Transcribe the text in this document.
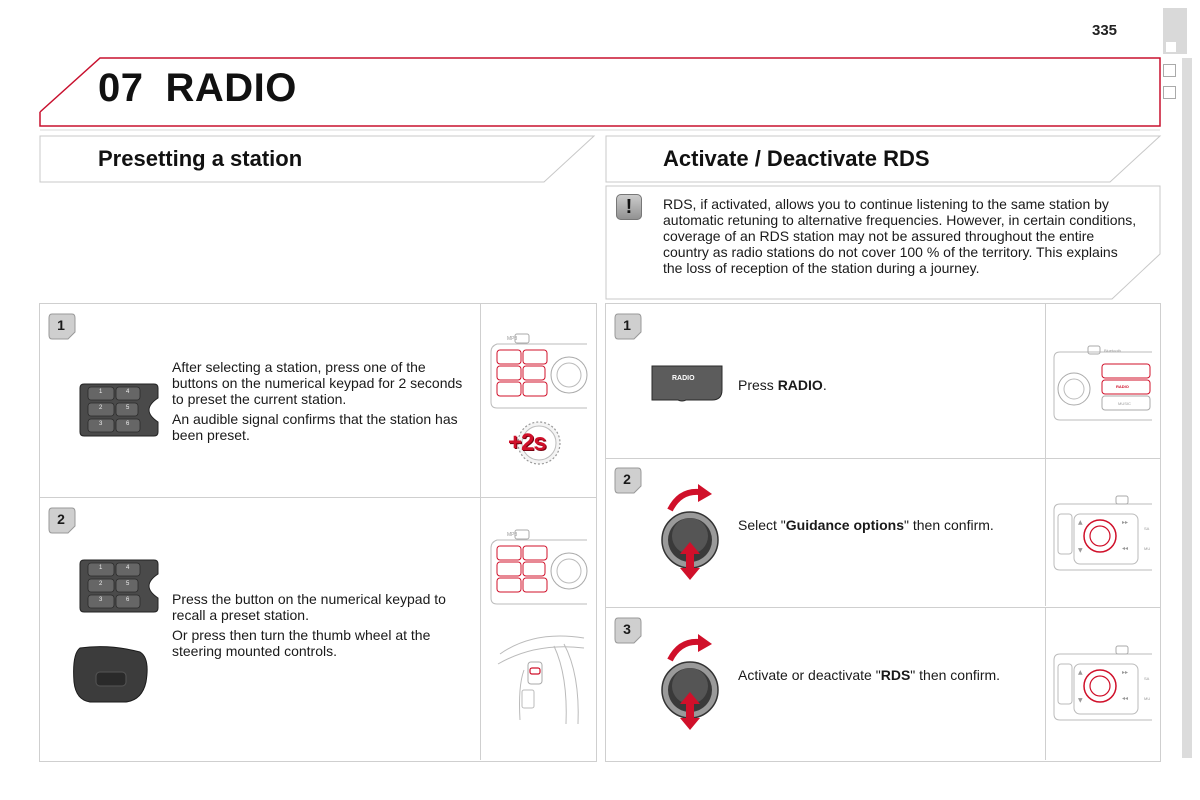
335
07 RADIO
Presetting a station	Activate / Deactivate RDS
!	RDS, if activated, allows you to continue listening to the same station by automatic retuning to alternative frequencies. However, in certain conditions, coverage of an RDS station may not be assured throughout the entire country as radio stations do not cover 100 % of the territory. This explains the loss of reception of the station during a journey.
1
2
1	4
2	5
3	6

After selecting a station, press one of the buttons on the numerical keypad for 2 seconds to preset the current station.

An audible signal confirms that the station has been preset.

MP3
+2s
1	4
2	5
3	6	Press the button on the numerical keypad to recall a preset station.

Or press then turn the thumb wheel at the steering mounted controls.

MP3
1
2
3
RADIO	Press RADIO.
Bluetooth
RADIO
MUSIC
Select "Guidance options" then confirm.	▲
▼
▸▸
◂◂
SA
MU
Activate or deactivate "RDS" then confirm.	▲
▼
▸▸
◂◂
SA
MU
